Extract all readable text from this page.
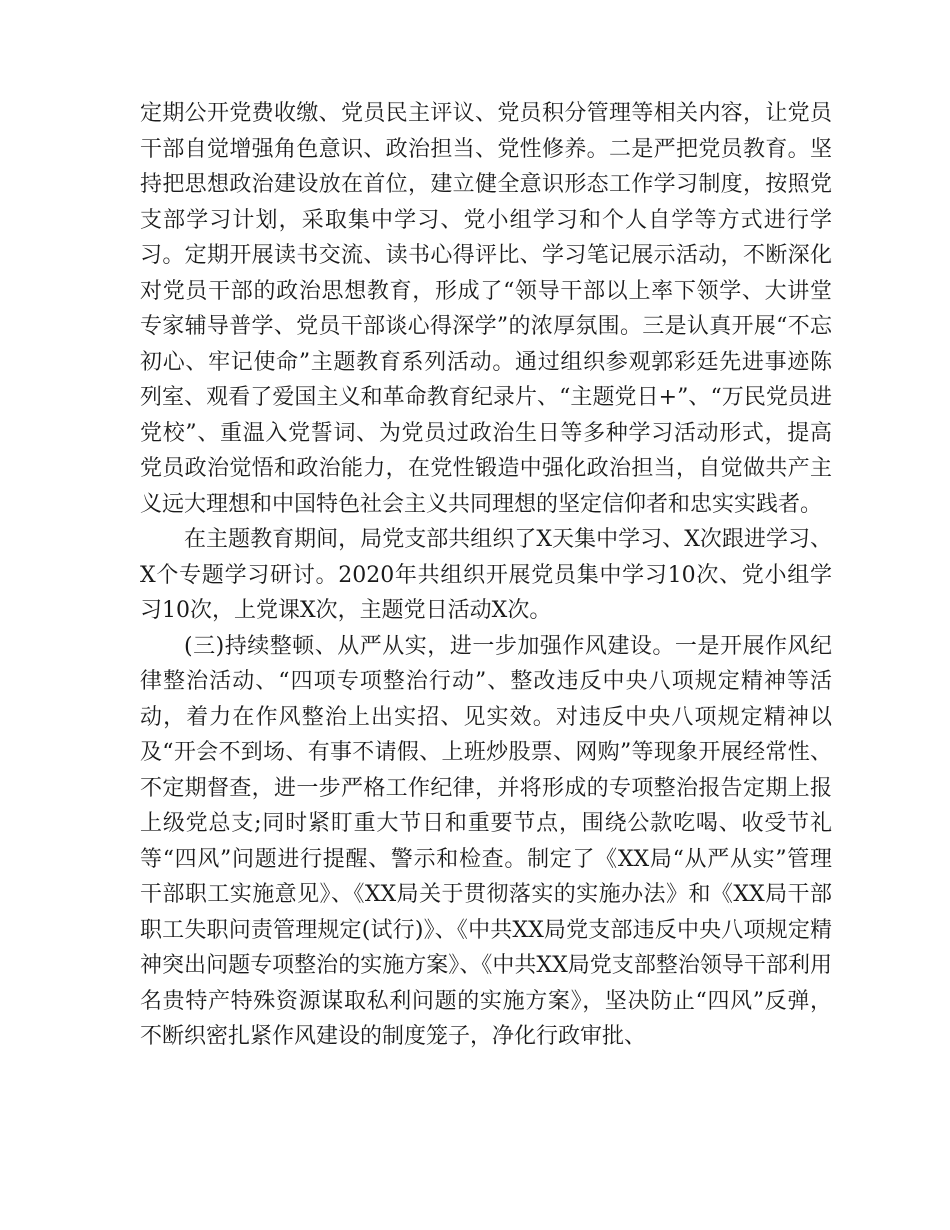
定期公开党费收缴、党员民主评议、党员积分管理等相关内容，让党员干部自觉增强角色意识、政治担当、党性修养。二是严把党员教育。坚持把思想政治建设放在首位，建立健全意识形态工作学习制度，按照党支部学习计划，采取集中学习、党小组学习和个人自学等方式进行学习。定期开展读书交流、读书心得评比、学习笔记展示活动，不断深化对党员干部的政治思想教育，形成了“领导干部以上率下领学、大讲堂专家辅导普学、党员干部谈心得深学”的浓厚氛围。三是认真开展“不忘初心、牢记使命”主题教育系列活动。通过组织参观郭彩廷先进事迹陈列室、观看了爱国主义和革命教育纪录片、“主题党日+”、“万民党员进党校”、重温入党誓词、为党员过政治生日等多种学习活动形式，提高党员政治觉悟和政治能力，在党性锻造中强化政治担当，自觉做共产主义远大理想和中国特色社会主义共同理想的坚定信仰者和忠实实践者。

在主题教育期间，局党支部共组织了X天集中学习、X次跟进学习、X个专题学习研讨。2020年共组织开展党员集中学习10次、党小组学习10次，上党课X次，主题党日活动X次。

(三)持续整顿、从严从实，进一步加强作风建设。一是开展作风纪律整治活动、“四项专项整治行动”、整改违反中央八项规定精神等活动，着力在作风整治上出实招、见实效。对违反中央八项规定精神以及“开会不到场、有事不请假、上班炒股票、网购”等现象开展经常性、不定期督查，进一步严格工作纪律，并将形成的专项整治报告定期上报上级党总支;同时紧盯重大节日和重要节点，围绕公款吃喝、收受节礼等“四风”问题进行提醒、警示和检查。制定了《XX局“从严从实”管理干部职工实施意见》、《XX局关于贯彻落实的实施办法》和《XX局干部职工失职问责管理规定(试行)》、《中共XX局党支部违反中央八项规定精神突出问题专项整治的实施方案》、《中共XX局党支部整治领导干部利用名贵特产特殊资源谋取私利问题的实施方案》，坚决防止“四风”反弹，不断织密扎紧作风建设的制度笼子，净化行政审批、
